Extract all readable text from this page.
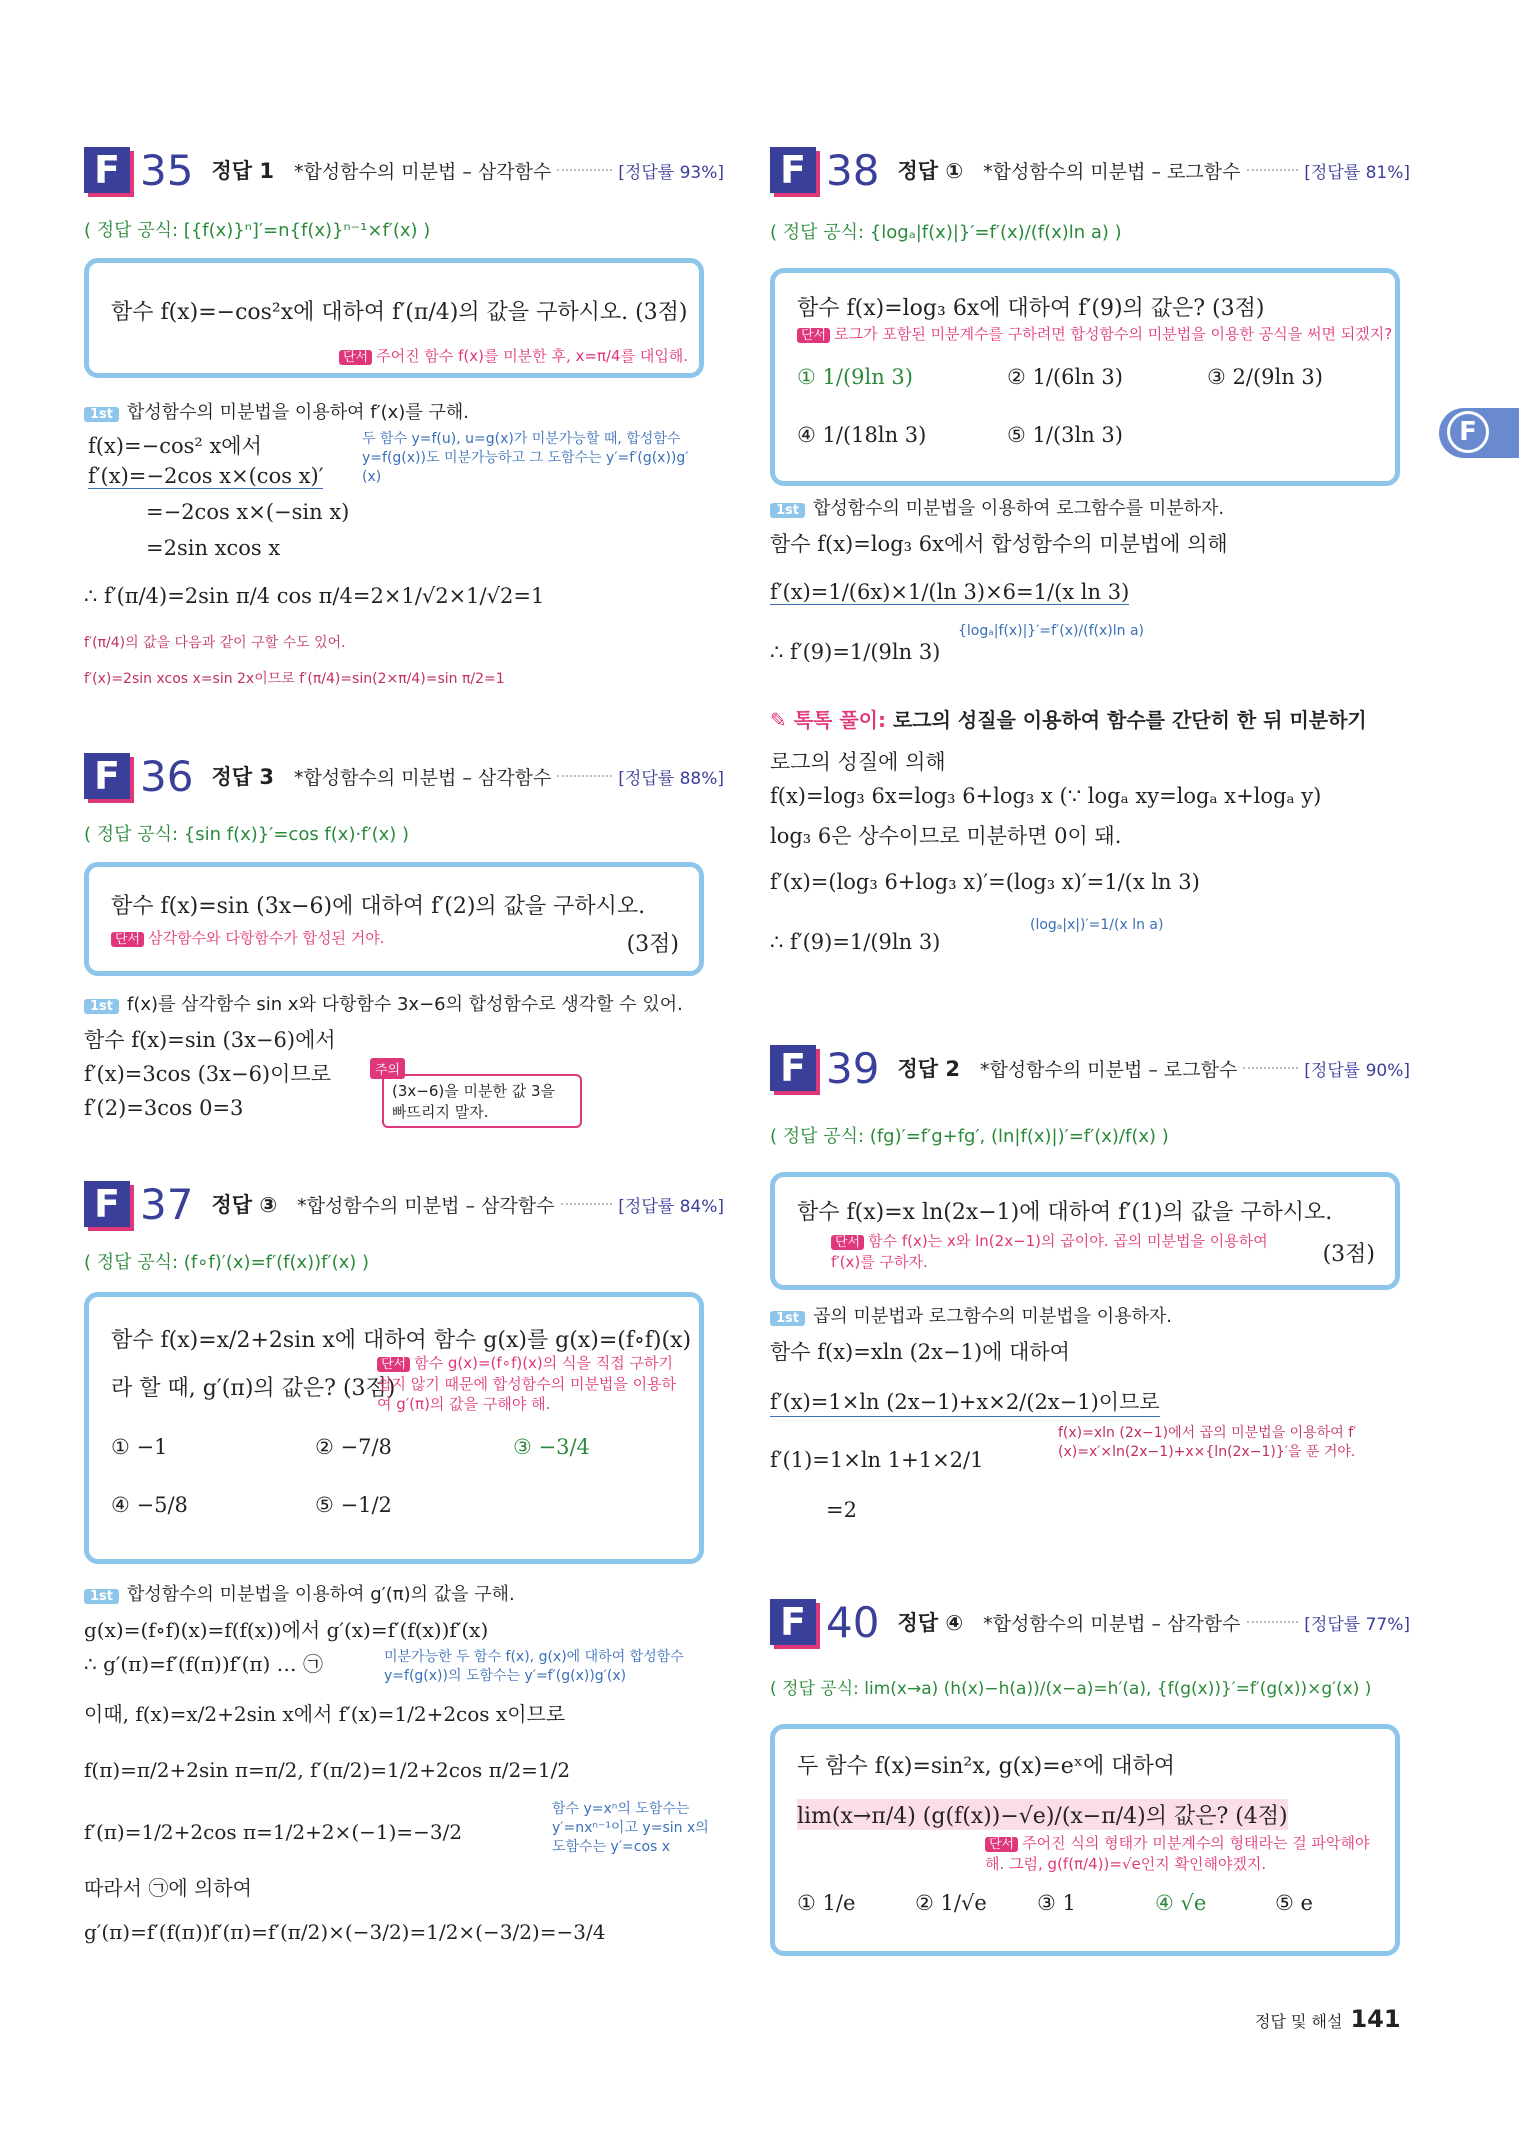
F
F 35 정답 1 *합성함수의 미분법 – 삼각함수	[정답률 93%]
( 정답 공식: [{f(x)}ⁿ]′=n{f(x)}ⁿ⁻¹×f′(x) )
함수 f(x)=−cos²x에 대하여 f′(π/4)의 값을 구하시오. (3점)
단서 주어진 함수 f(x)를 미분한 후, x=π/4를 대입해.
1st 합성함수의 미분법을 이용하여 f′(x)를 구해.
f(x)=−cos² x에서
f′(x)=−2cos x×(cos x)′
=−2cos x×(−sin x)
=2sin xcos x
∴ f′(π/4)=2sin π/4 cos π/4=2×1/√2×1/√2=1
두 함수 y=f(u), u=g(x)가 미분가능할 때, 합성함수 y=f(g(x))도 미분가능하고 그 도함수는 y′=f′(g(x))g′(x)
f′(π/4)의 값을 다음과 같이 구할 수도 있어.
f′(x)=2sin xcos x=sin 2x이므로 f′(π/4)=sin(2×π/4)=sin π/2=1
F 36 정답 3 *합성함수의 미분법 – 삼각함수	[정답률 88%]
( 정답 공식: {sin f(x)}′=cos f(x)·f′(x) )
함수 f(x)=sin (3x−6)에 대하여 f′(2)의 값을 구하시오.
단서 삼각함수와 다항함수가 합성된 거야.	(3점)
1st f(x)를 삼각함수 sin x와 다항함수 3x−6의 합성함수로 생각할 수 있어.
함수 f(x)=sin (3x−6)에서
f′(x)=3cos (3x−6)이므로
f′(2)=3cos 0=3
주의
(3x−6)을 미분한 값 3을 빠뜨리지 말자.
F 37 정답 ③ *합성함수의 미분법 – 삼각함수	[정답률 84%]
( 정답 공식: (f∘f)′(x)=f′(f(x))f′(x) )
함수 f(x)=x/2+2sin x에 대하여 함수 g(x)를 g(x)=(f∘f)(x)
라 할 때, g′(π)의 값은? (3점)
단서 함수 g(x)=(f∘f)(x)의 식을 직접 구하기 쉽지 않기 때문에 합성함수의 미분법을 이용하여 g′(π)의 값을 구해야 해.
① −1	② −7/8	③ −3/4
④ −5/8	⑤ −1/2
1st 합성함수의 미분법을 이용하여 g′(π)의 값을 구해.
g(x)=(f∘f)(x)=f(f(x))에서 g′(x)=f′(f(x))f′(x)
∴ g′(π)=f′(f(π))f′(π) … ㉠	미분가능한 두 함수 f(x), g(x)에 대하여 합성함수 y=f(g(x))의 도함수는 y′=f′(g(x))g′(x)
이때, f(x)=x/2+2sin x에서 f′(x)=1/2+2cos x이므로
f(π)=π/2+2sin π=π/2, f′(π/2)=1/2+2cos π/2=1/2
f′(π)=1/2+2cos π=1/2+2×(−1)=−3/2
함수 y=xⁿ의 도함수는 y′=nxⁿ⁻¹이고 y=sin x의 도함수는 y′=cos x
따라서 ㉠에 의하여
g′(π)=f′(f(π))f′(π)=f′(π/2)×(−3/2)=1/2×(−3/2)=−3/4
F 38 정답 ① *합성함수의 미분법 – 로그함수	[정답률 81%]
( 정답 공식: {logₐ|f(x)|}′=f′(x)/(f(x)ln a) )
함수 f(x)=log₃ 6x에 대하여 f′(9)의 값은? (3점)
단서 로그가 포함된 미분계수를 구하려면 합성함수의 미분법을 이용한 공식을 써면 되겠지?
① 1/(9ln 3)	② 1/(6ln 3)	③ 2/(9ln 3)
④ 1/(18ln 3)	⑤ 1/(3ln 3)
1st 합성함수의 미분법을 이용하여 로그함수를 미분하자.
함수 f(x)=log₃ 6x에서 합성함수의 미분법에 의해
f′(x)=1/(6x)×1/(ln 3)×6=1/(x ln 3)
{logₐ|f(x)|}′=f′(x)/(f(x)ln a)
∴ f′(9)=1/(9ln 3)
✎ 톡톡 풀이: 로그의 성질을 이용하여 함수를 간단히 한 뒤 미분하기
로그의 성질에 의해
f(x)=log₃ 6x=log₃ 6+log₃ x (∵ logₐ xy=logₐ x+logₐ y)
log₃ 6은 상수이므로 미분하면 0이 돼.
f′(x)=(log₃ 6+log₃ x)′=(log₃ x)′=1/(x ln 3)
(logₐ|x|)′=1/(x ln a)
∴ f′(9)=1/(9ln 3)
F 39 정답 2 *합성함수의 미분법 – 로그함수	[정답률 90%]
( 정답 공식: (fg)′=f′g+fg′, (ln|f(x)|)′=f′(x)/f(x) )
함수 f(x)=x ln(2x−1)에 대하여 f′(1)의 값을 구하시오.
단서 함수 f(x)는 x와 ln(2x−1)의 곱이야. 곱의 미분법을 이용하여 f′(x)를 구하자.	(3점)
1st 곱의 미분법과 로그함수의 미분법을 이용하자.
함수 f(x)=xln (2x−1)에 대하여
f′(x)=1×ln (2x−1)+x×2/(2x−1)이므로
f(x)=xln (2x−1)에서 곱의 미분법을 이용하여 f′(x)=x′×ln(2x−1)+x×{ln(2x−1)}′을 푼 거야.
f′(1)=1×ln 1+1×2/1
=2
F 40 정답 ④ *합성함수의 미분법 – 삼각함수	[정답률 77%]
( 정답 공식: lim(x→a) (h(x)−h(a))/(x−a)=h′(a), {f(g(x))}′=f′(g(x))×g′(x) )
두 함수 f(x)=sin²x, g(x)=eˣ에 대하여
lim(x→π/4) (g(f(x))−√e)/(x−π/4)의 값은? (4점)
단서 주어진 식의 형태가 미분계수의 형태라는 걸 파악해야 해. 그럼, g(f(π/4))=√e인지 확인해야겠지.
① 1/e	② 1/√e ③ 1	④ √e	⑤ e
정답 및 해설 141
